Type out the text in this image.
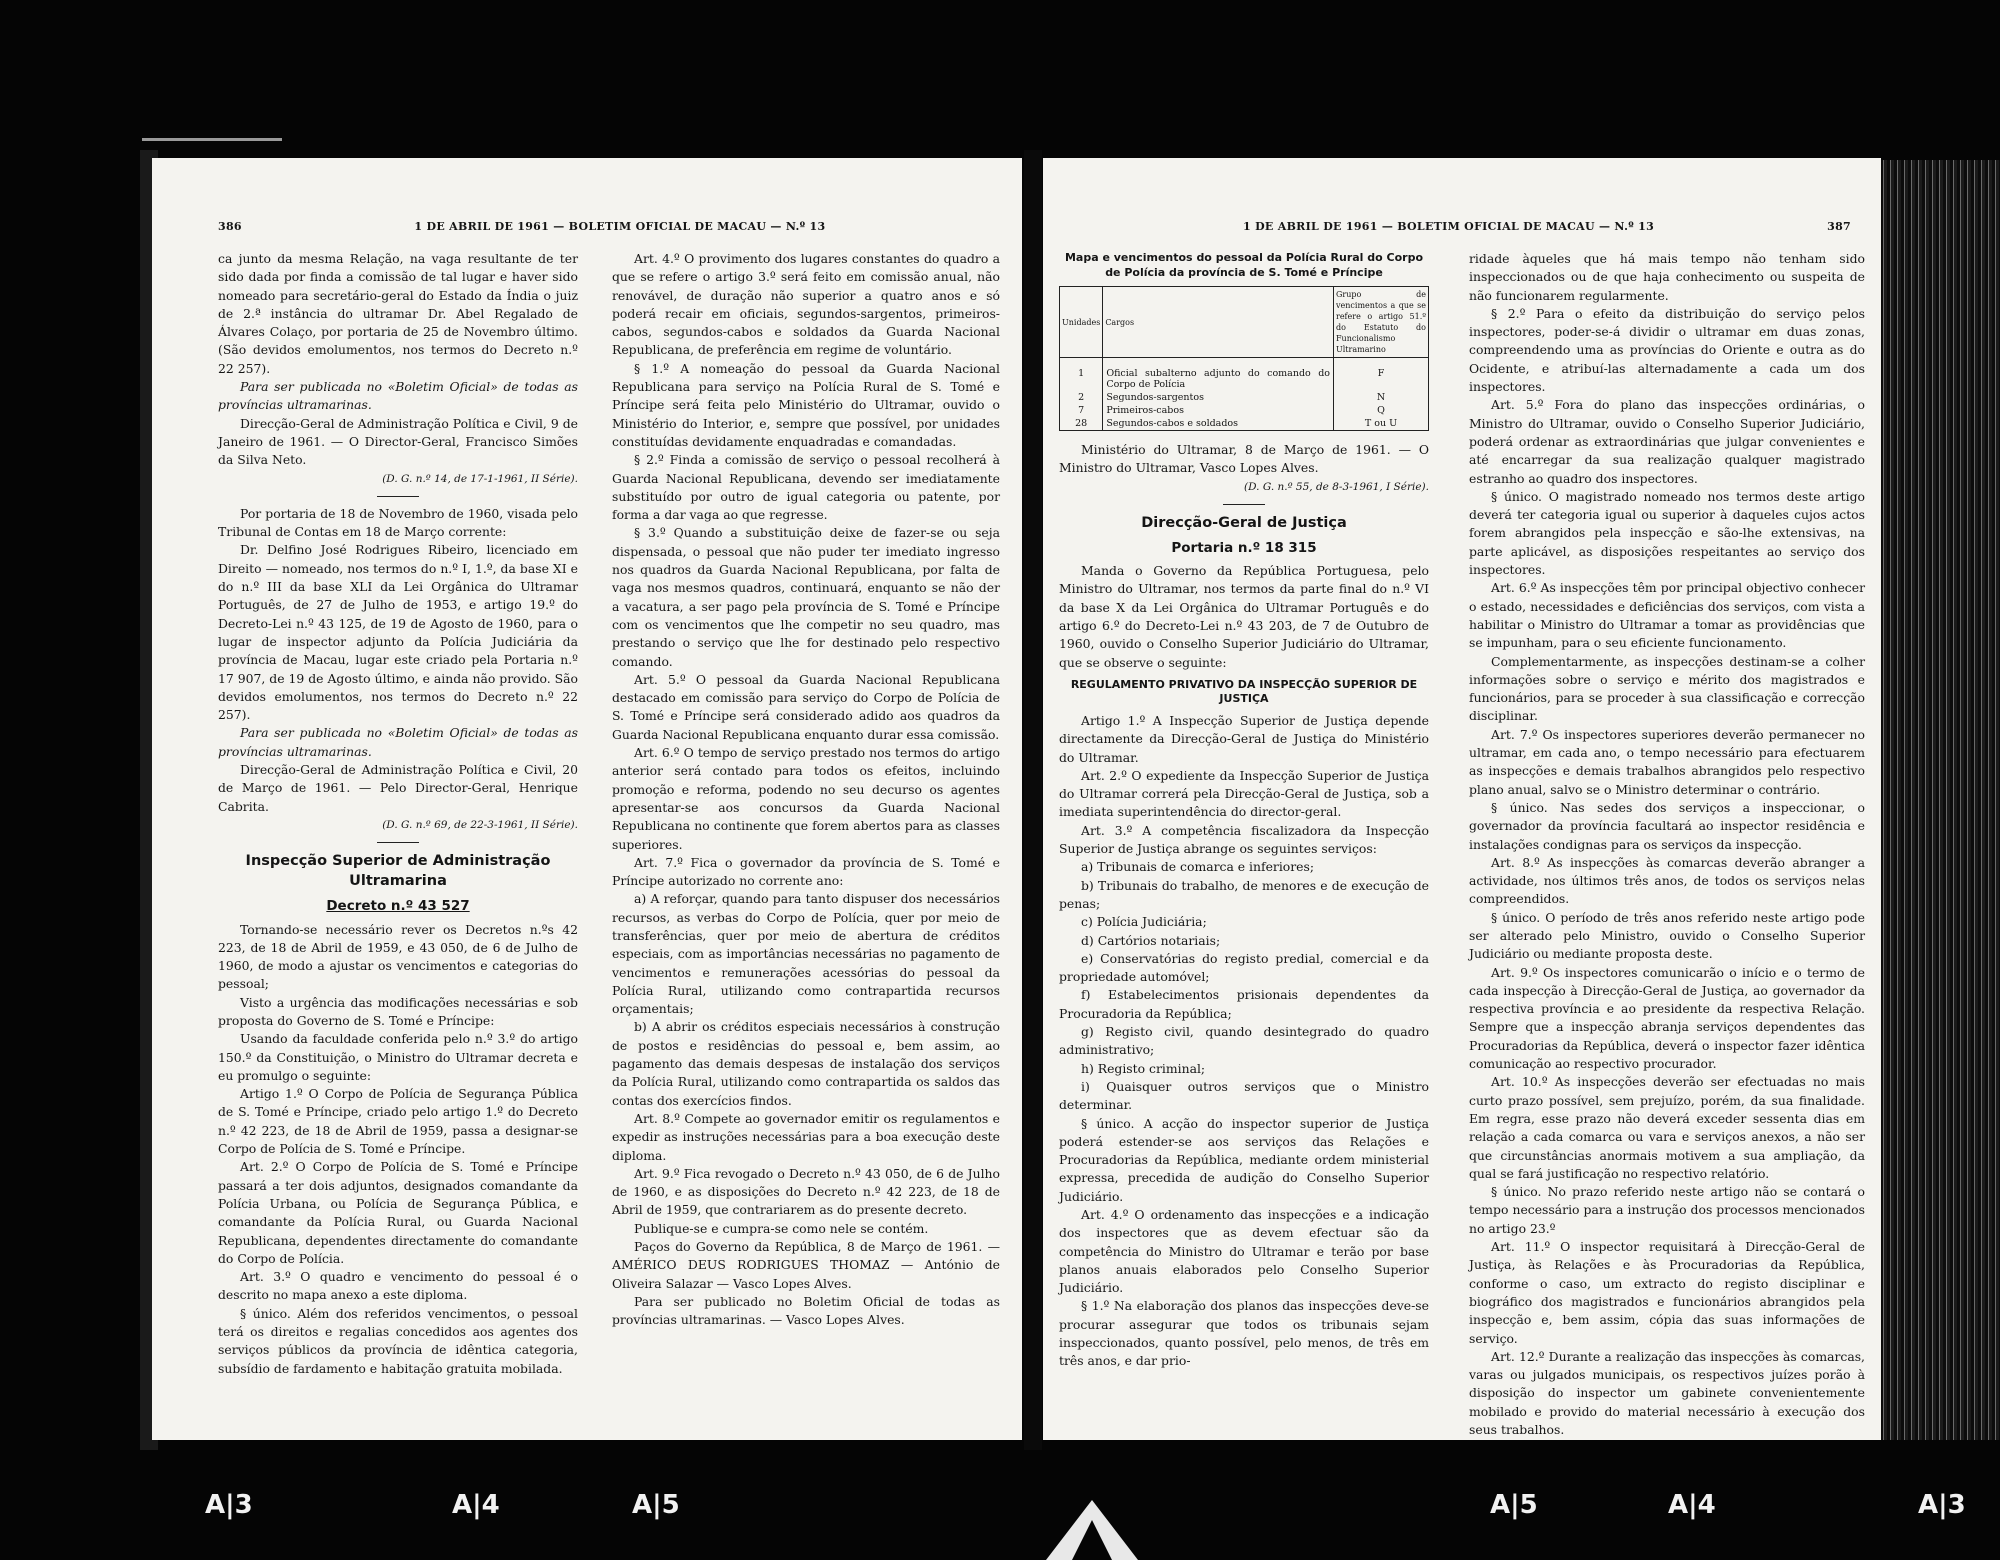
386	1 DE ABRIL DE 1961 — BOLETIM OFICIAL DE MACAU — N.º 13

ca junto da mesma Relação, na vaga resultante de ter sido dada por finda a comissão de tal lugar e haver sido nomeado para secretário-geral do Estado da Índia o juiz de 2.ª instância do ultramar Dr. Abel Regalado de Álvares Colaço, por portaria de 25 de Novembro último. (São devidos emolumentos, nos termos do Decreto n.º 22 257).

Para ser publicada no «Boletim Oficial» de todas as províncias ultramarinas.

Direcção-Geral de Administração Política e Civil, 9 de Janeiro de 1961. — O Director-Geral, Francisco Simões da Silva Neto.

(D. G. n.º 14, de 17-1-1961, II Série).

Por portaria de 18 de Novembro de 1960, visada pelo Tribunal de Contas em 18 de Março corrente:

Dr. Delfino José Rodrigues Ribeiro, licenciado em Direito — nomeado, nos termos do n.º I, 1.º, da base XI e do n.º III da base XLI da Lei Orgânica do Ultramar Português, de 27 de Julho de 1953, e artigo 19.º do Decreto-Lei n.º 43 125, de 19 de Agosto de 1960, para o lugar de inspector adjunto da Polícia Judiciária da província de Macau, lugar este criado pela Portaria n.º 17 907, de 19 de Agosto último, e ainda não provido. São devidos emolumentos, nos termos do Decreto n.º 22 257).

Para ser publicada no «Boletim Oficial» de todas as províncias ultramarinas.

Direcção-Geral de Administração Política e Civil, 20 de Março de 1961. — Pelo Director-Geral, Henrique Cabrita.

(D. G. n.º 69, de 22-3-1961, II Série).

Inspecção Superior de Administração Ultramarina
Decreto n.º 43 527

Tornando-se necessário rever os Decretos n.ºs 42 223, de 18 de Abril de 1959, e 43 050, de 6 de Julho de 1960, de modo a ajustar os vencimentos e categorias do pessoal;

Visto a urgência das modificações necessárias e sob proposta do Governo de S. Tomé e Príncipe:

Usando da faculdade conferida pelo n.º 3.º do artigo 150.º da Constituição, o Ministro do Ultramar decreta e eu promulgo o seguinte:

Artigo 1.º O Corpo de Polícia de Segurança Pública de S. Tomé e Príncipe, criado pelo artigo 1.º do Decreto n.º 42 223, de 18 de Abril de 1959, passa a designar-se Corpo de Polícia de S. Tomé e Príncipe.

Art. 2.º O Corpo de Polícia de S. Tomé e Príncipe passará a ter dois adjuntos, designados comandante da Polícia Urbana, ou Polícia de Segurança Pública, e comandante da Polícia Rural, ou Guarda Nacional Republicana, dependentes directamente do comandante do Corpo de Polícia.

Art. 3.º O quadro e vencimento do pessoal é o descrito no mapa anexo a este diploma.

§ único. Além dos referidos vencimentos, o pessoal terá os direitos e regalias concedidos aos agentes dos serviços públicos da província de idêntica categoria, subsídio de fardamento e habitação gratuita mobilada.

Art. 4.º O provimento dos lugares constantes do quadro a que se refere o artigo 3.º será feito em comissão anual, não renovável, de duração não superior a quatro anos e só poderá recair em oficiais, segundos-sargentos, primeiros-cabos, segundos-cabos e soldados da Guarda Nacional Republicana, de preferência em regime de voluntário.

§ 1.º A nomeação do pessoal da Guarda Nacional Republicana para serviço na Polícia Rural de S. Tomé e Príncipe será feita pelo Ministério do Ultramar, ouvido o Ministério do Interior, e, sempre que possível, por unidades constituídas devidamente enquadradas e comandadas.

§ 2.º Finda a comissão de serviço o pessoal recolherá à Guarda Nacional Republicana, devendo ser imediatamente substituído por outro de igual categoria ou patente, por forma a dar vaga ao que regresse.

§ 3.º Quando a substituição deixe de fazer-se ou seja dispensada, o pessoal que não puder ter imediato ingresso nos quadros da Guarda Nacional Republicana, por falta de vaga nos mesmos quadros, continuará, enquanto se não der a vacatura, a ser pago pela província de S. Tomé e Príncipe com os vencimentos que lhe competir no seu quadro, mas prestando o serviço que lhe for destinado pelo respectivo comando.

Art. 5.º O pessoal da Guarda Nacional Republicana destacado em comissão para serviço do Corpo de Polícia de S. Tomé e Príncipe será considerado adido aos quadros da Guarda Nacional Republicana enquanto durar essa comissão.

Art. 6.º O tempo de serviço prestado nos termos do artigo anterior será contado para todos os efeitos, incluindo promoção e reforma, podendo no seu decurso os agentes apresentar-se aos concursos da Guarda Nacional Republicana no continente que forem abertos para as classes superiores.

Art. 7.º Fica o governador da província de S. Tomé e Príncipe autorizado no corrente ano:

a) A reforçar, quando para tanto dispuser dos necessários recursos, as verbas do Corpo de Polícia, quer por meio de transferências, quer por meio de abertura de créditos especiais, com as importâncias necessárias no pagamento de vencimentos e remunerações acessórias do pessoal da Polícia Rural, utilizando como contrapartida recursos orçamentais;

b) A abrir os créditos especiais necessários à construção de postos e residências do pessoal e, bem assim, ao pagamento das demais despesas de instalação dos serviços da Polícia Rural, utilizando como contrapartida os saldos das contas dos exercícios findos.

Art. 8.º Compete ao governador emitir os regulamentos e expedir as instruções necessárias para a boa execução deste diploma.

Art. 9.º Fica revogado o Decreto n.º 43 050, de 6 de Julho de 1960, e as disposições do Decreto n.º 42 223, de 18 de Abril de 1959, que contrariarem as do presente decreto.

Publique-se e cumpra-se como nele se contém.

Paços do Governo da República, 8 de Março de 1961. — AMÉRICO DEUS RODRIGUES THOMAZ — António de Oliveira Salazar — Vasco Lopes Alves.

Para ser publicado no Boletim Oficial de todas as províncias ultramarinas. — Vasco Lopes Alves.

1 DE ABRIL DE 1961 — BOLETIM OFICIAL DE MACAU — N.º 13	387
Mapa e vencimentos do pessoal da Polícia Rural do Corpo de Polícia da província de S. Tomé e Príncipe
Unidades	Cargos	Grupo de vencimentos a que se refere o artigo 51.º do Estatuto do Funcionalismo Ultramarino
1	Oficial subalterno adjunto do comando do Corpo de Polícia	F
2	Segundos-sargentos	N
7	Primeiros-cabos	Q
28	Segundos-cabos e soldados	T ou U

Ministério do Ultramar, 8 de Março de 1961. — O Ministro do Ultramar, Vasco Lopes Alves.

(D. G. n.º 55, de 8-3-1961, I Série).

Direcção-Geral de Justiça
Portaria n.º 18 315

Manda o Governo da República Portuguesa, pelo Ministro do Ultramar, nos termos da parte final do n.º VI da base X da Lei Orgânica do Ultramar Português e do artigo 6.º do Decreto-Lei n.º 43 203, de 7 de Outubro de 1960, ouvido o Conselho Superior Judiciário do Ultramar, que se observe o seguinte:

REGULAMENTO PRIVATIVO DA INSPECÇÃO SUPERIOR DE JUSTIÇA

Artigo 1.º A Inspecção Superior de Justiça depende directamente da Direcção-Geral de Justiça do Ministério do Ultramar.

Art. 2.º O expediente da Inspecção Superior de Justiça do Ultramar correrá pela Direcção-Geral de Justiça, sob a imediata superintendência do director-geral.

Art. 3.º A competência fiscalizadora da Inspecção Superior de Justiça abrange os seguintes serviços:

a) Tribunais de comarca e inferiores;

b) Tribunais do trabalho, de menores e de execução de penas;

c) Polícia Judiciária;

d) Cartórios notariais;

e) Conservatórias do registo predial, comercial e da propriedade automóvel;

f) Estabelecimentos prisionais dependentes da Procuradoria da República;

g) Registo civil, quando desintegrado do quadro administrativo;

h) Registo criminal;

i) Quaisquer outros serviços que o Ministro determinar.

§ único. A acção do inspector superior de Justiça poderá estender-se aos serviços das Relações e Procuradorias da República, mediante ordem ministerial expressa, precedida de audição do Conselho Superior Judiciário.

Art. 4.º O ordenamento das inspecções e a indicação dos inspectores que as devem efectuar são da competência do Ministro do Ultramar e terão por base planos anuais elaborados pelo Conselho Superior Judiciário.

§ 1.º Na elaboração dos planos das inspecções deve-se procurar assegurar que todos os tribunais sejam inspeccionados, quanto possível, pelo menos, de três em três anos, e dar prio-

ridade àqueles que há mais tempo não tenham sido inspeccionados ou de que haja conhecimento ou suspeita de não funcionarem regularmente.

§ 2.º Para o efeito da distribuição do serviço pelos inspectores, poder-se-á dividir o ultramar em duas zonas, compreendendo uma as províncias do Oriente e outra as do Ocidente, e atribuí-las alternadamente a cada um dos inspectores.

Art. 5.º Fora do plano das inspecções ordinárias, o Ministro do Ultramar, ouvido o Conselho Superior Judiciário, poderá ordenar as extraordinárias que julgar convenientes e até encarregar da sua realização qualquer magistrado estranho ao quadro dos inspectores.

§ único. O magistrado nomeado nos termos deste artigo deverá ter categoria igual ou superior à daqueles cujos actos forem abrangidos pela inspecção e são-lhe extensivas, na parte aplicável, as disposições respeitantes ao serviço dos inspectores.

Art. 6.º As inspecções têm por principal objectivo conhecer o estado, necessidades e deficiências dos serviços, com vista a habilitar o Ministro do Ultramar a tomar as providências que se impunham, para o seu eficiente funcionamento.

Complementarmente, as inspecções destinam-se a colher informações sobre o serviço e mérito dos magistrados e funcionários, para se proceder à sua classificação e correcção disciplinar.

Art. 7.º Os inspectores superiores deverão permanecer no ultramar, em cada ano, o tempo necessário para efectuarem as inspecções e demais trabalhos abrangidos pelo respectivo plano anual, salvo se o Ministro determinar o contrário.

§ único. Nas sedes dos serviços a inspeccionar, o governador da província facultará ao inspector residência e instalações condignas para os serviços da inspecção.

Art. 8.º As inspecções às comarcas deverão abranger a actividade, nos últimos três anos, de todos os serviços nelas compreendidos.

§ único. O período de três anos referido neste artigo pode ser alterado pelo Ministro, ouvido o Conselho Superior Judiciário ou mediante proposta deste.

Art. 9.º Os inspectores comunicarão o início e o termo de cada inspecção à Direcção-Geral de Justiça, ao governador da respectiva província e ao presidente da respectiva Relação. Sempre que a inspecção abranja serviços dependentes das Procuradorias da República, deverá o inspector fazer idêntica comunicação ao respectivo procurador.

Art. 10.º As inspecções deverão ser efectuadas no mais curto prazo possível, sem prejuízo, porém, da sua finalidade. Em regra, esse prazo não deverá exceder sessenta dias em relação a cada comarca ou vara e serviços anexos, a não ser que circunstâncias anormais motivem a sua ampliação, da qual se fará justificação no respectivo relatório.

§ único. No prazo referido neste artigo não se contará o tempo necessário para a instrução dos processos mencionados no artigo 23.º

Art. 11.º O inspector requisitará à Direcção-Geral de Justiça, às Relações e às Procuradorias da República, conforme o caso, um extracto do registo disciplinar e biográfico dos magistrados e funcionários abrangidos pela inspecção e, bem assim, cópia das suas informações de serviço.

Art. 12.º Durante a realização das inspecções às comarcas, varas ou julgados municipais, os respectivos juízes porão à disposição do inspector um gabinete convenientemente mobilado e provido do material necessário à execução dos seus trabalhos.

A|3	A|4	A|5	A|5	A|4	A|3
